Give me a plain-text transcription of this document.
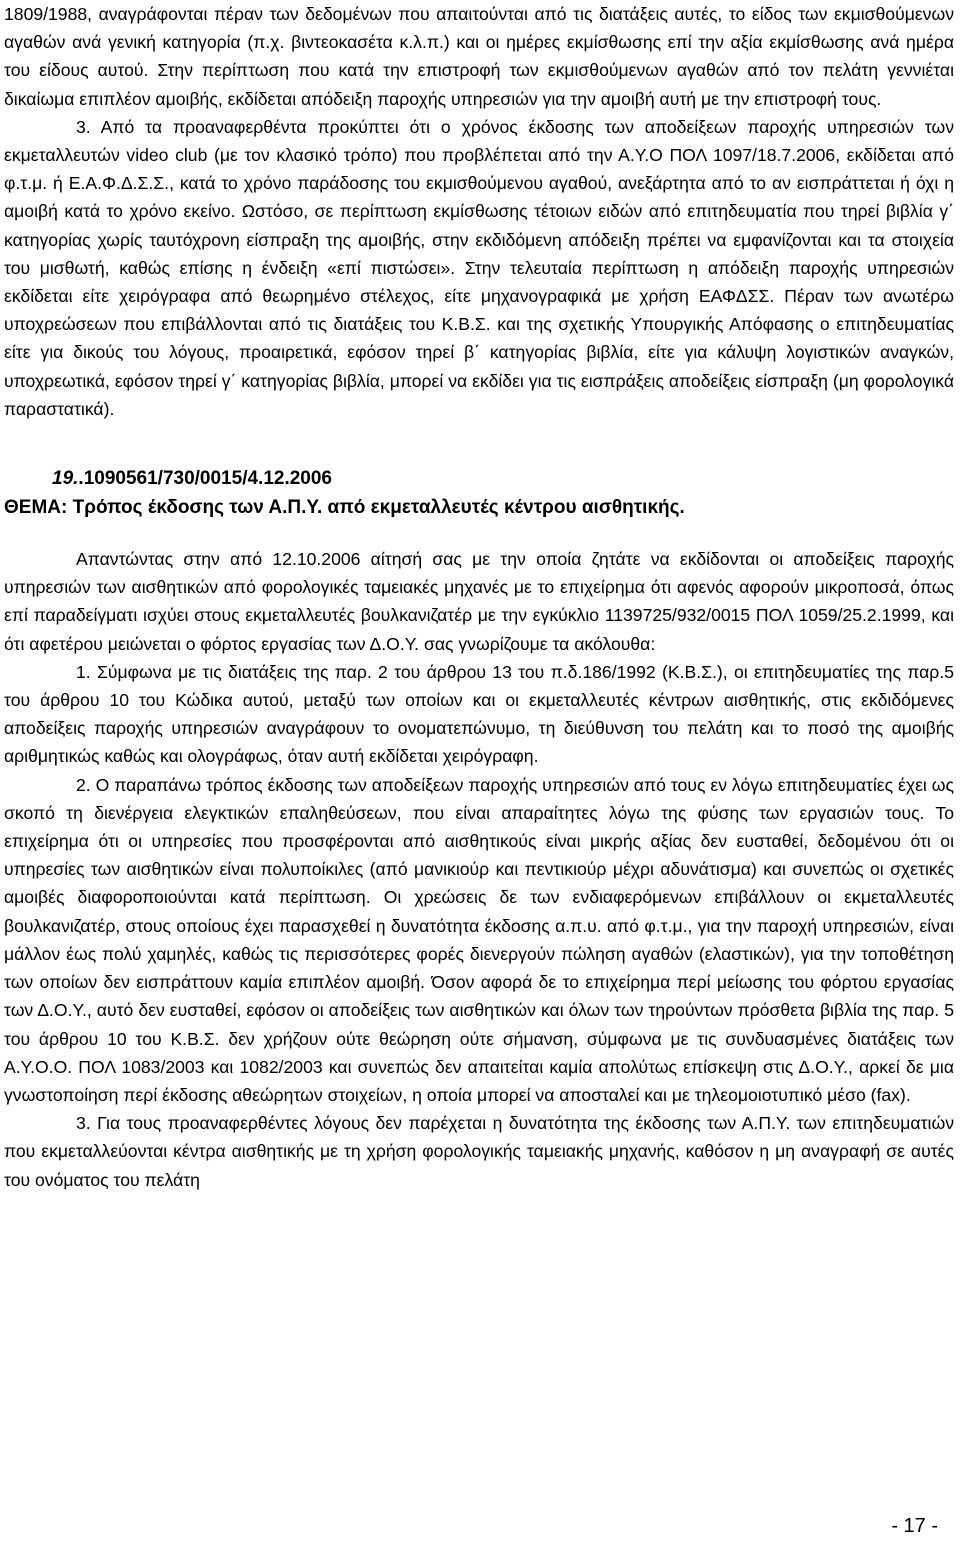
1809/1988, αναγράφονται πέραν των δεδομένων που απαιτούνται από τις διατάξεις αυτές, το είδος των εκμισθούμενων αγαθών ανά γενική κατηγορία (π.χ. βιντεοκασέτα κ.λ.π.) και οι ημέρες εκμίσθωσης επί την αξία εκμίσθωσης ανά ημέρα του είδους αυτού. Στην περίπτωση που κατά την επιστροφή των εκμισθούμενων αγαθών από τον πελάτη γεννιέται δικαίωμα επιπλέον αμοιβής, εκδίδεται απόδειξη παροχής υπηρεσιών για την αμοιβή αυτή με την επιστροφή τους.

3. Από τα προαναφερθέντα προκύπτει ότι ο χρόνος έκδοσης των αποδείξεων παροχής υπηρεσιών των εκμεταλλευτών video club (με τον κλασικό τρόπο) που προβλέπεται από την Α.Υ.Ο ΠΟΛ 1097/18.7.2006, εκδίδεται από φ.τ.μ. ή Ε.Α.Φ.Δ.Σ.Σ., κατά το χρόνο παράδοσης του εκμισθούμενου αγαθού, ανεξάρτητα από το αν εισπράττεται ή όχι η αμοιβή κατά το χρόνο εκείνο. Ωστόσο, σε περίπτωση εκμίσθωσης τέτοιων ειδών από επιτηδευματία που τηρεί βιβλία γ΄ κατηγορίας χωρίς ταυτόχρονη είσπραξη της αμοιβής, στην εκδιδόμενη απόδειξη πρέπει να εμφανίζονται και τα στοιχεία του μισθωτή, καθώς επίσης η ένδειξη «επί πιστώσει». Στην τελευταία περίπτωση η απόδειξη παροχής υπηρεσιών εκδίδεται είτε χειρόγραφα από θεωρημένο στέλεχος, είτε μηχανογραφικά με χρήση ΕΑΦΔΣΣ. Πέραν των ανωτέρω υποχρεώσεων που επιβάλλονται από τις διατάξεις του Κ.Β.Σ. και της σχετικής Υπουργικής Απόφασης ο επιτηδευματίας είτε για δικούς του λόγους, προαιρετικά, εφόσον τηρεί β΄ κατηγορίας βιβλία, είτε για κάλυψη λογιστικών αναγκών, υποχρεωτικά, εφόσον τηρεί γ΄ κατηγορίας βιβλία, μπορεί να εκδίδει για τις εισπράξεις αποδείξεις είσπραξη (μη φορολογικά παραστατικά).

19..1090561/730/0015/4.12.2006
ΘΕΜΑ: Τρόπος έκδοσης των Α.Π.Υ. από εκμεταλλευτές κέντρου αισθητικής.

Απαντώντας στην από 12.10.2006 αίτησή σας με την οποία ζητάτε να εκδίδονται οι αποδείξεις παροχής υπηρεσιών των αισθητικών από φορολογικές ταμειακές μηχανές με το επιχείρημα ότι αφενός αφορούν μικροποσά, όπως επί παραδείγματι ισχύει στους εκμεταλλευτές βουλκανιζατέρ με την εγκύκλιο 1139725/932/0015 ΠΟΛ 1059/25.2.1999, και ότι αφετέρου μειώνεται ο φόρτος εργασίας των Δ.Ο.Υ. σας γνωρίζουμε τα ακόλουθα:

1. Σύμφωνα με τις διατάξεις της παρ. 2 του άρθρου 13 του π.δ.186/1992 (Κ.Β.Σ.), οι επιτηδευματίες της παρ.5 του άρθρου 10 του Κώδικα αυτού, μεταξύ των οποίων και οι εκμεταλλευτές κέντρων αισθητικής, στις εκδιδόμενες αποδείξεις παροχής υπηρεσιών αναγράφουν το ονοματεπώνυμο, τη διεύθυνση του πελάτη και το ποσό της αμοιβής αριθμητικώς καθώς και ολογράφως, όταν αυτή εκδίδεται χειρόγραφη.

2. Ο παραπάνω τρόπος έκδοσης των αποδείξεων παροχής υπηρεσιών από τους εν λόγω επιτηδευματίες έχει ως σκοπό τη διενέργεια ελεγκτικών επαληθεύσεων, που είναι απαραίτητες λόγω της φύσης των εργασιών τους. Το επιχείρημα ότι οι υπηρεσίες που προσφέρονται από αισθητικούς είναι μικρής αξίας δεν ευσταθεί, δεδομένου ότι οι υπηρεσίες των αισθητικών είναι πολυποίκιλες (από μανικιούρ και πεντικιούρ μέχρι αδυνάτισμα) και συνεπώς οι σχετικές αμοιβές διαφοροποιούνται κατά περίπτωση. Οι χρεώσεις δε των ενδιαφερόμενων επιβάλλουν οι εκμεταλλευτές βουλκανιζατέρ, στους οποίους έχει παρασχεθεί η δυνατότητα έκδοσης α.π.υ. από φ.τ.μ., για την παροχή υπηρεσιών, είναι μάλλον έως πολύ χαμηλές, καθώς τις περισσότερες φορές διενεργούν πώληση αγαθών (ελαστικών), για την τοποθέτηση των οποίων δεν εισπράττουν καμία επιπλέον αμοιβή. Όσον αφορά δε το επιχείρημα περί μείωσης του φόρτου εργασίας των Δ.Ο.Υ., αυτό δεν ευσταθεί, εφόσον οι αποδείξεις των αισθητικών και όλων των τηρούντων πρόσθετα βιβλία της παρ. 5 του άρθρου 10 του Κ.Β.Σ. δεν χρήζουν ούτε θεώρηση ούτε σήμανση, σύμφωνα με τις συνδυασμένες διατάξεις των Α.Υ.Ο.Ο. ΠΟΛ 1083/2003 και 1082/2003 και συνεπώς δεν απαιτείται καμία απολύτως επίσκεψη στις Δ.Ο.Υ., αρκεί δε μια γνωστοποίηση περί έκδοσης αθεώρητων στοιχείων, η οποία μπορεί να αποσταλεί και με τηλεομοιοτυπικό μέσο (fax).

3. Για τους προαναφερθέντες λόγους δεν παρέχεται η δυνατότητα της έκδοσης των Α.Π.Υ. των επιτηδευματιών που εκμεταλλεύονται κέντρα αισθητικής με τη χρήση φορολογικής ταμειακής μηχανής, καθόσον η μη αναγραφή σε αυτές του ονόματος του πελάτη

- 17 -
